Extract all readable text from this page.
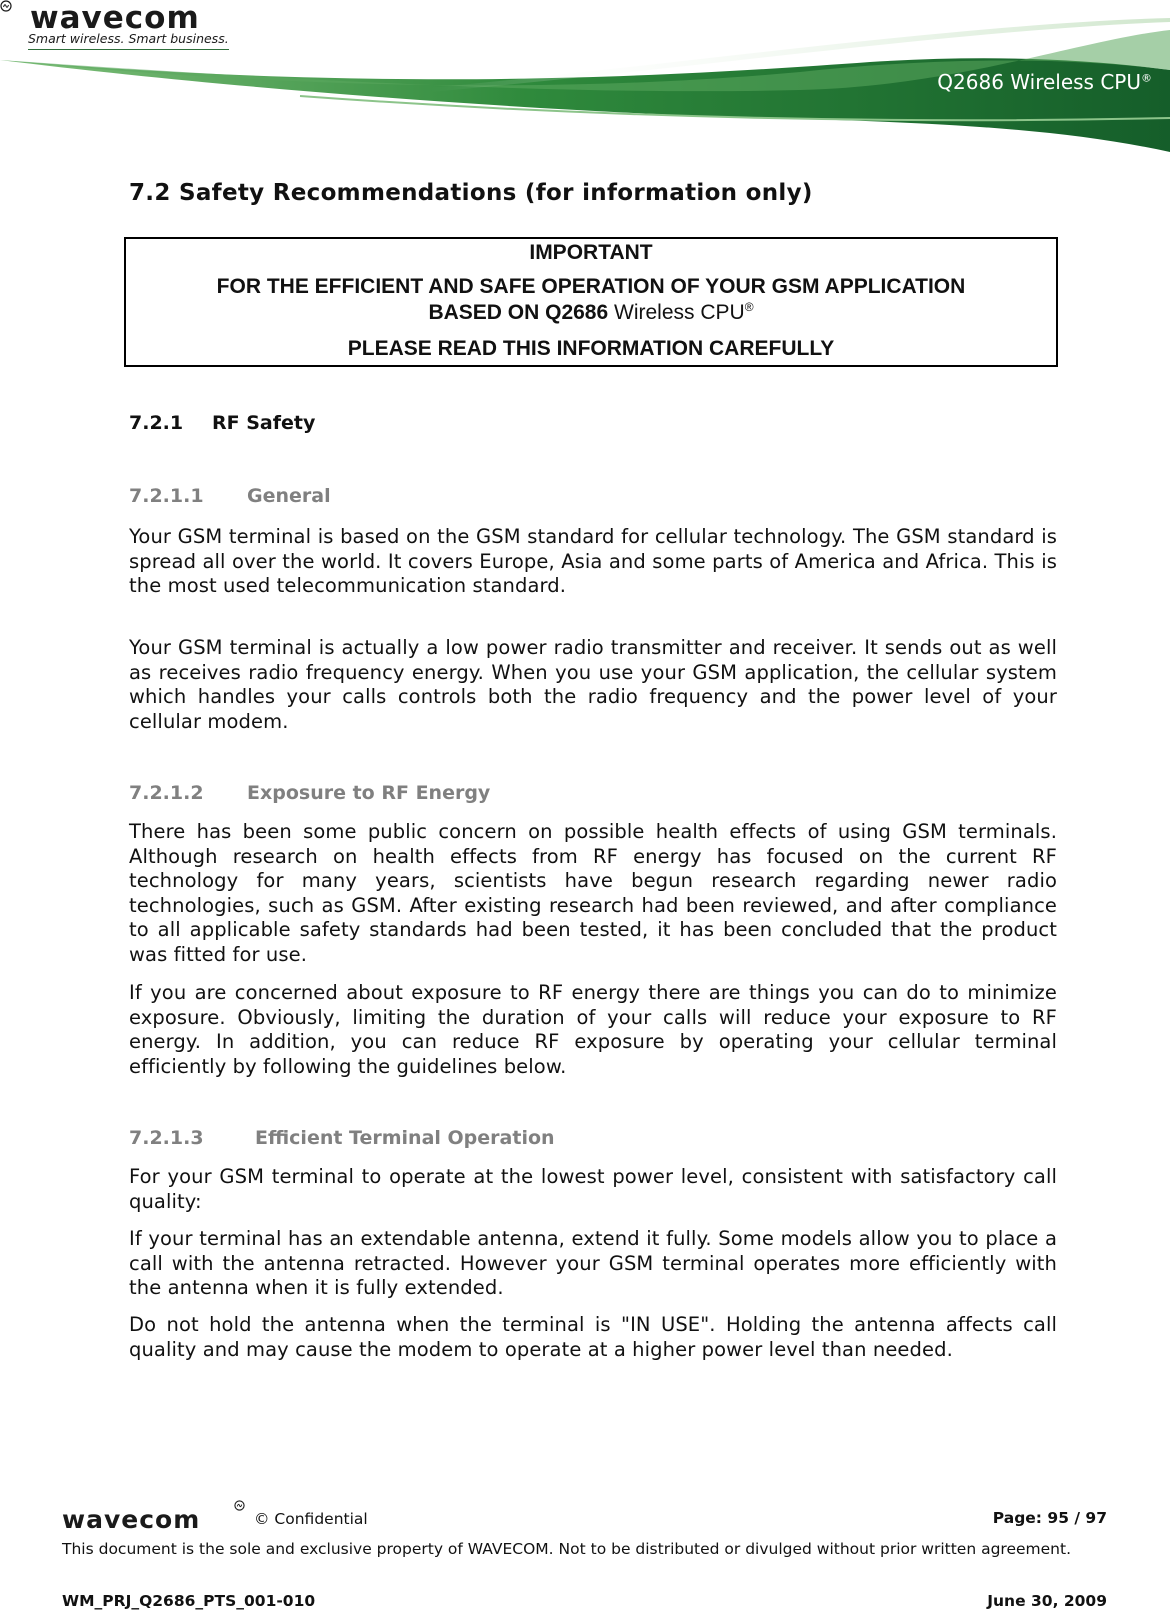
wavecom
Smart wireless. Smart business.
Q2686 Wireless CPU®
7.2 Safety Recommendations (for information only)
IMPORTANT
FOR THE EFFICIENT AND SAFE OPERATION OF YOUR GSM APPLICATION
BASED ON Q2686 Wireless CPU®
PLEASE READ THIS INFORMATION CAREFULLY
7.2.1 RF Safety
7.2.1.1 General

Your GSM terminal is based on the GSM standard for cellular technology. The GSM standard is spread all over the world. It covers Europe, Asia and some parts of America and Africa. This is the most used telecommunication standard.

Your GSM terminal is actually a low power radio transmitter and receiver. It sends out as well as receives radio frequency energy. When you use your GSM application, the cellular system which handles your calls controls both the radio frequency and the power level of your cellular modem.

7.2.1.2 Exposure to RF Energy

There has been some public concern on possible health effects of using GSM terminals. Although research on health effects from RF energy has focused on the current RF technology for many years, scientists have begun research regarding newer radio technologies, such as GSM. After existing research had been reviewed, and after compliance to all applicable safety standards had been tested, it has been concluded that the product was fitted for use.

If you are concerned about exposure to RF energy there are things you can do to minimize exposure. Obviously, limiting the duration of your calls will reduce your exposure to RF energy. In addition, you can reduce RF exposure by operating your cellular terminal efficiently by following the guidelines below.

7.2.1.3	Efficient Terminal Operation

For your GSM terminal to operate at the lowest power level, consistent with satisfactory call quality:

If your terminal has an extendable antenna, extend it fully. Some models allow you to place a call with the antenna retracted. However your GSM terminal operates more efficiently with the antenna when it is fully extended.

Do not hold the antenna when the terminal is "IN USE". Holding the antenna affects call quality and may cause the modem to operate at a higher power level than needed.

wavecom	© Confidential	Page: 95 / 97

This document is the sole and exclusive property of WAVECOM. Not to be distributed or divulged without prior written agreement.

WM_PRJ_Q2686_PTS_001-010	June 30, 2009
